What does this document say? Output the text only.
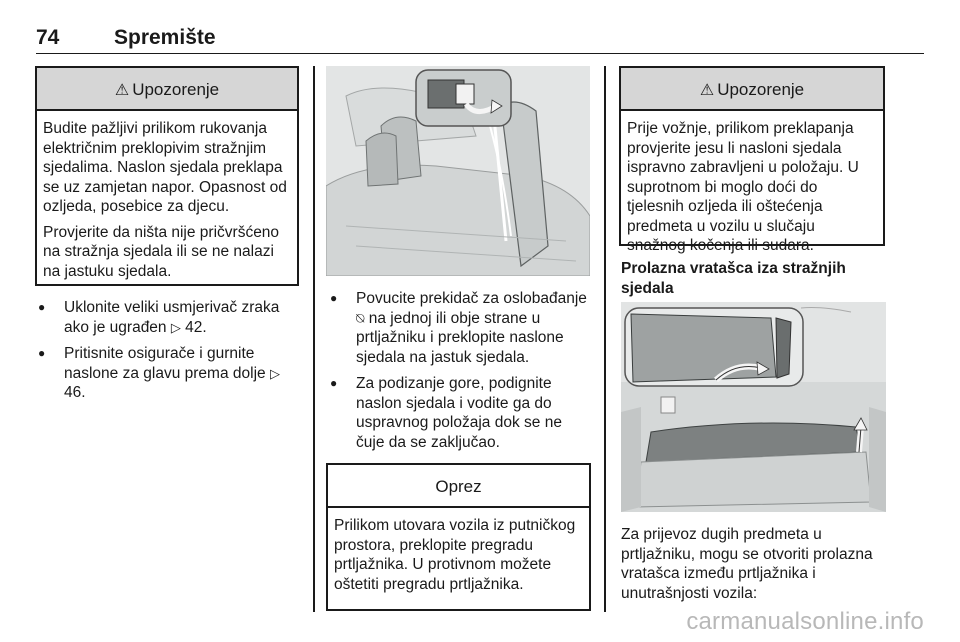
74	Spremište
⚠ Upozorenje

Budite pažljivi prilikom rukovanja električnim preklopivim stražnjim sjedalima. Naslon sjedala preklapa se uz zamjetan napor. Opasnost od ozljeda, posebice za djecu.

Provjerite da ništa nije pričvršćeno na stražnja sjedala ili se ne nalazi na jastuku sjedala.

● Uklonite veliki usmjerivač zraka ako je ugrađen ▷ 42.
● Pritisnite osigurače i gurnite naslone za glavu prema dolje ▷ 46.
● Povucite prekidač za oslobađanje ⍉ na jednoj ili obje strane u prtljažniku i preklopite naslone sjedala na jastuk sjedala.
● Za podizanje gore, podignite naslon sjedala i vodite ga do uspravnog položaja dok se ne čuje da se zaključao.
Oprez

Prilikom utovara vozila iz putničkog prostora, preklopite pregradu prtljažnika. U protivnom možete oštetiti pregradu prtljažnika.

⚠ Upozorenje

Prije vožnje, prilikom preklapanja provjerite jesu li nasloni sjedala ispravno zabravljeni u položaju. U suprotnom bi moglo doći do tjelesnih ozljeda ili oštećenja predmeta u vozilu u slučaju snažnog kočenja ili sudara.

Prolazna vratašca iza stražnjih sjedala
Za prijevoz dugih predmeta u prtljažniku, mogu se otvoriti prolazna vratašca između prtljažnika i unutrašnjosti vozila:
carmanualsonline.info
